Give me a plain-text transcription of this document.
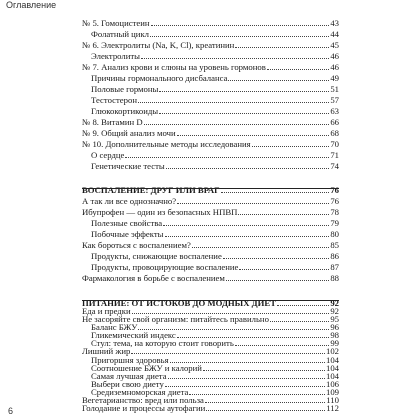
Оглавление
№ 5. Гомоцистеин	43
Фолатный цикл	44
№ 6. Электролиты (Na, K, Cl), креатинин	45
Электролиты	46
№ 7. Анализ крови и слюны на уровень гормонов	46
Причины гормонального дисбаланса	49
Половые гормоны	51
Тестостерон	57
Глюкокортикоиды	63
№ 8. Витамин D	66
№ 9. Общий анализ мочи	68
№ 10. Дополнительные методы исследования	70
О сердце	71
Генетические тесты	74
ВОСПАЛЕНИЕ: ДРУГ ИЛИ ВРАГ	76
А так ли все однозначно?	76
Ибупрофен — один из безопасных НПВП	78
Полезные свойства	79
Побочные эффекты	80
Как бороться с воспалением?	85
Продукты, снижающие воспаление	86
Продукты, провоцирующие воспаление	87
Фармакология в борьбе с воспалением	88
ПИТАНИЕ: ОТ ИСТОКОВ ДО МОДНЫХ ДИЕТ	92
Еда и предки	92
Не засоряйте свой организм: питайтесь правильно	95
Баланс БЖУ	96
Гликемический индекс	98
Стул: тема, на которую стоит говорить	99
Лишний жир	102
Пригоршня здоровья	104
Соотношение БЖУ и калорий	104
Самая лучшая диета	104
Выбери свою диету	106
Средиземноморская диета	109
Вегетарианство: вред или польза	110
Голодание и процессы аутофагии	112
6
